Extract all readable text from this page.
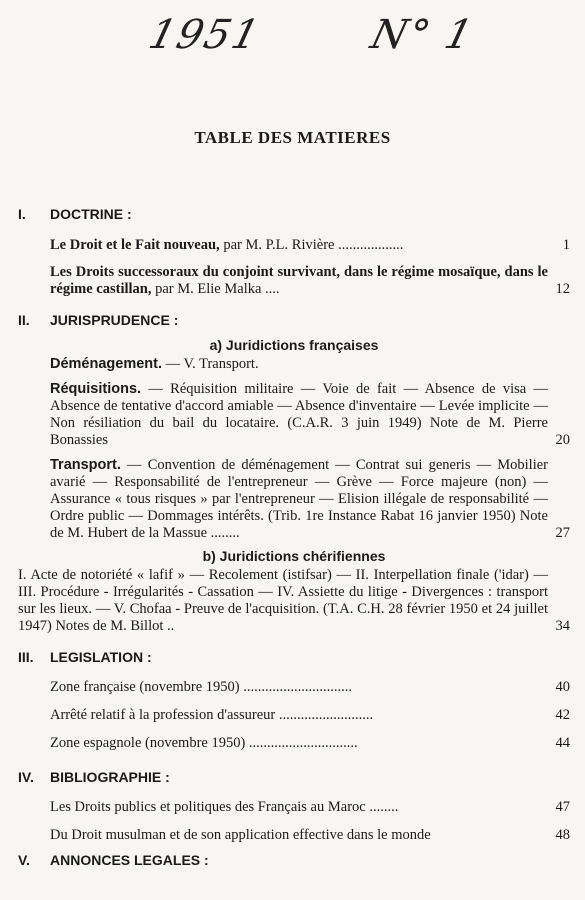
1951	N° 1
TABLE DES MATIERES
I.	DOCTRINE :
Le Droit et le Fait nouveau, par M. P.L. Rivière ..................	1
Les Droits successoraux du conjoint survivant, dans le régime mosaïque, dans le régime castillan, par M. Elie Malka ....	12
II.	JURISPRUDENCE :
a) Juridictions françaises
Déménagement. — V. Transport.
Réquisitions. — Réquisition militaire — Voie de fait — Absence de visa — Absence de tentative d'accord amiable — Absence d'inventaire — Levée implicite — Non résiliation du bail du locataire. (C.A.R. 3 juin 1949) Note de M. Pierre Bonassies	20
Transport. — Convention de déménagement — Contrat sui generis — Mobilier avarié — Responsabilité de l'entrepreneur — Grève — Force majeure (non) — Assurance « tous risques » par l'entrepreneur — Elision illégale de responsabilité — Ordre public — Dommages intérêts. (Trib. 1re Instance Rabat 16 janvier 1950) Note de M. Hubert de la Massue ........	27
b) Juridictions chérifiennes
I. Acte de notoriété « lafif » — Recolement (istifsar) — II. Interpellation finale ('idar) — III. Procédure - Irrégularités - Cassation — IV. Assiette du litige - Divergences : transport sur les lieux. — V. Chofaa - Preuve de l'acquisition. (T.A. C.H. 28 février 1950 et 24 juillet 1947) Notes de M. Billot ..	34
III.	LEGISLATION :
Zone française (novembre 1950) ..............................	40
Arrêté relatif à la profession d'assureur ..........................	42
Zone espagnole (novembre 1950) ..............................	44
IV.	BIBLIOGRAPHIE :
Les Droits publics et politiques des Français au Maroc ........	47
Du Droit musulman et de son application effective dans le monde	48
V.	ANNONCES LEGALES :
